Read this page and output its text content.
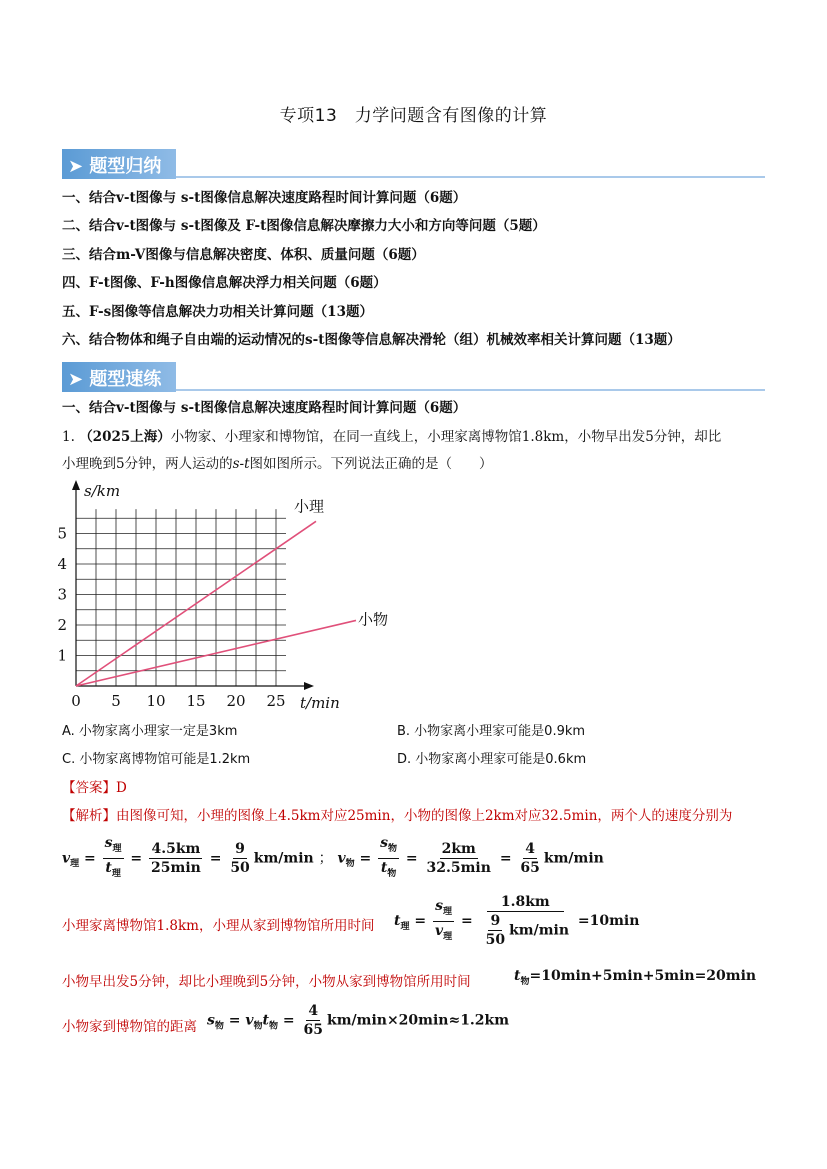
专项13　力学问题含有图像的计算
➤ 题型归纳
一、结合v-t图像与 s-t图像信息解决速度路程时间计算问题（6题）
二、结合v-t图像与 s-t图像及 F-t图像信息解决摩擦力大小和方向等问题（5题）
三、结合m-V图像与信息解决密度、体积、质量问题（6题）
四、F-t图像、F-h图像信息解决浮力相关问题（6题）
五、F-s图像等信息解决力功相关计算问题（13题）
六、结合物体和绳子自由端的运动情况的s-t图像等信息解决滑轮（组）机械效率相关计算问题（13题）
➤ 题型速练
一、结合v-t图像与 s-t图像信息解决速度路程时间计算问题（6题）
1. （2025上海）小物家、小理家和博物馆，在同一直线上，小理家离博物馆1.8km，小物早出发5分钟，却比
小理晚到5分钟，两人运动的s-t图如图所示。下列说法正确的是（　　）
0 5 10 15 20 25
1
2
3
4
5
s/km
t/min
小理
小物
A. 小物家离小理家一定是3km	B. 小物家离小理家可能是0.9km
C. 小物家离博物馆可能是1.2km	D. 小物家离小理家可能是0.6km
【答案】D
【解析】由图像可知，小理的图像上4.5km对应25min，小物的图像上2km对应32.5min，两个人的速度分别为
$v_理 = \frac{s_理}{t_理} = \frac{4.5km}{25\min} = \frac{9}{50} km/\min$ ； $v_物 = \frac{s_物}{t_物} = \frac{2km}{32.5\min} = \frac{4}{65} km/\min$
小理家离博物馆1.8km，小理从家到博物馆所用时间 $t_理 = \frac{s_理}{v_理} = \frac{1.8km}{\frac{9}{50} km/\min} =10\min$
小物早出发5分钟，却比小理晚到5分钟，小物从家到博物馆所用时间	$t_物=10\min+5\min+5\min=20\min$
小物家到博物馆的距离 $s_物 = v_物t_物 = \frac{4}{65} km/\min\times 20\min\approx 1.2km$
